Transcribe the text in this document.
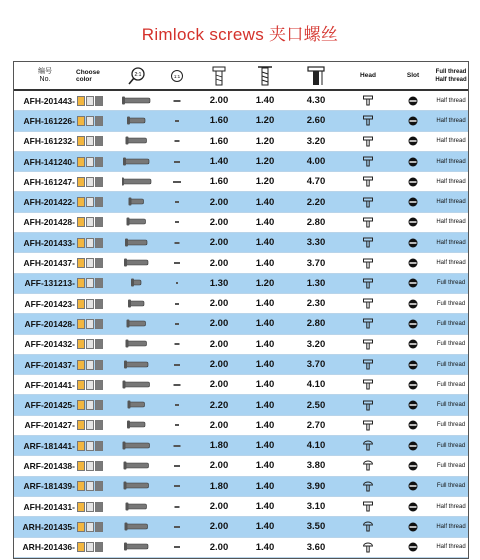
Rimlock screws 夹口螺丝
编号
No.
Choose color
2:1	1:1	Head	Slot
Full thread
Half thread
AFH-201443-	2.00	1.40	4.30	Half thread
AFH-161226-	1.60	1.20	2.60	Half thread
AFH-161232-	1.60	1.20	3.20	Half thread
AFH-141240-	1.40	1.20	4.00	Half thread
AFH-161247-	1.60	1.20	4.70	Half thread
AFH-201422-	2.00	1.40	2.20	Half thread
AFH-201428-	2.00	1.40	2.80	Half thread
AFH-201433-	2.00	1.40	3.30	Half thread
AFH-201437-	2.00	1.40	3.70	Half thread
AFF-131213-	1.30	1.20	1.30	Full thread
AFF-201423-	2.00	1.40	2.30	Full thread
AFF-201428-	2.00	1.40	2.80	Full thread
AFF-201432-	2.00	1.40	3.20	Full thread
AFF-201437-	2.00	1.40	3.70	Full thread
AFF-201441-	2.00	1.40	4.10	Full thread
AFF-201425-	2.20	1.40	2.50	Full thread
AFF-201427-	2.00	1.40	2.70	Full thread
ARF-181441-	1.80	1.40	4.10	Full thread
ARF-201438-	2.00	1.40	3.80	Full thread
ARF-181439-	1.80	1.40	3.90	Full thread
AFH-201431-	2.00	1.40	3.10	Half thread
ARH-201435-	2.00	1.40	3.50	Half thread
ARH-201436-	2.00	1.40	3.60	Half thread
